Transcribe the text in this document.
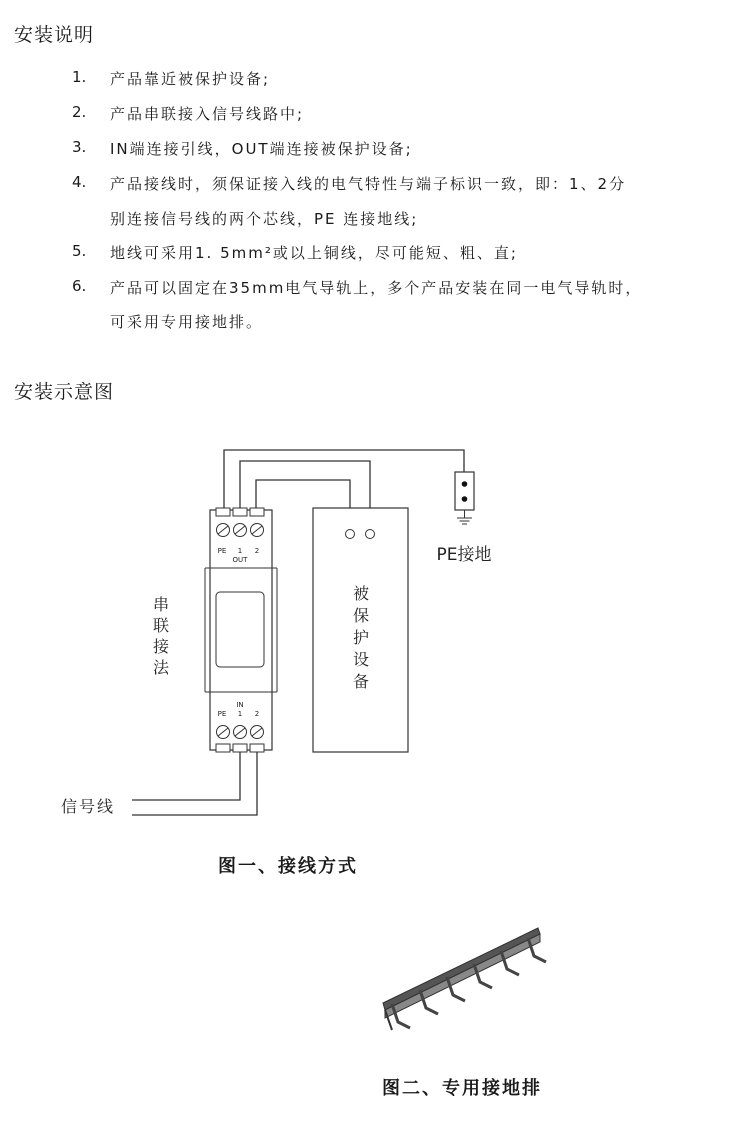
安装说明
1. 产品靠近被保护设备;
2. 产品串联接入信号线路中;
3. IN端连接引线，OUT端连接被保护设备;
4. 产品接线时，须保证接入线的电气特性与端子标识一致，即：1、2分
别连接信号线的两个芯线，PE 连接地线;
5. 地线可采用1. 5mm²或以上铜线，尽可能短、粗、直;
6. 产品可以固定在35mm电气导轨上，多个产品安装在同一电气导轨时，
可采用专用接地排。
安装示意图
PE 1 2
OUT
IN
PE 1 2
串
联
接
法
被
保
护
设
备
PE接地
信号线
图一、接线方式
图二、专用接地排
